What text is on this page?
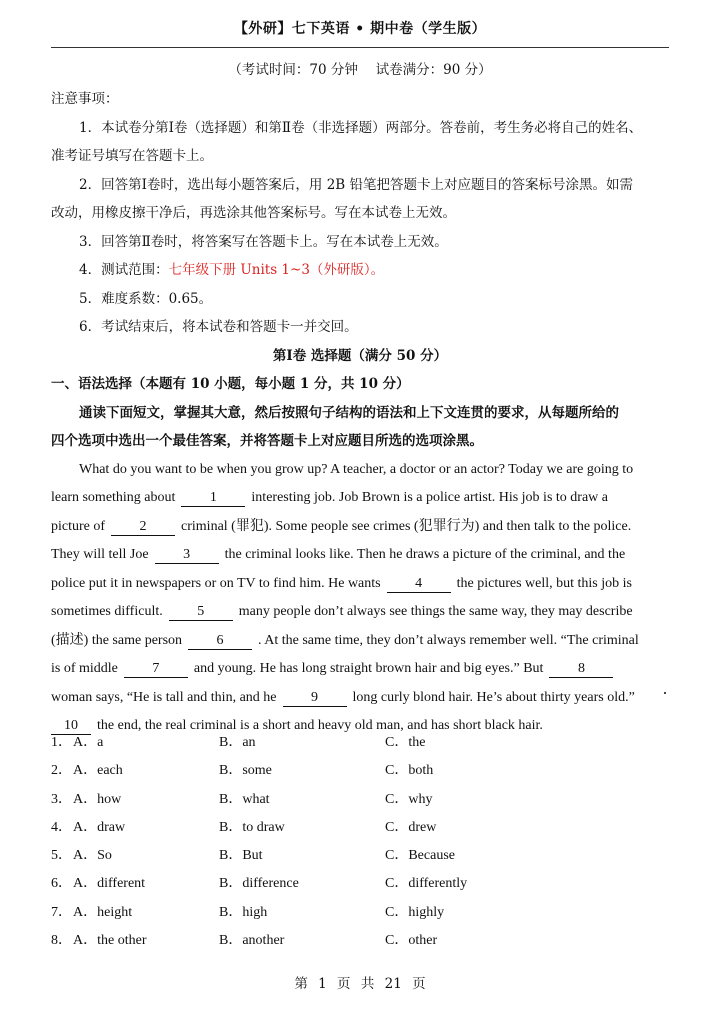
【外研】七下英语 • 期中卷（学生版）
（考试时间：70 分钟　 试卷满分：90 分）
注意事项：
1．本试卷分第Ⅰ卷（选择题）和第Ⅱ卷（非选择题）两部分。答卷前，考生务必将自己的姓名、
准考证号填写在答题卡上。
2．回答第Ⅰ卷时，选出每小题答案后，用 2B 铅笔把答题卡上对应题目的答案标号涂黑。如需
改动，用橡皮擦干净后，再选涂其他答案标号。写在本试卷上无效。
3．回答第Ⅱ卷时，将答案写在答题卡上。写在本试卷上无效。
4．测试范围：七年级下册 Units 1~3（外研版）。
5．难度系数：0.65。
6．考试结束后，将本试卷和答题卡一并交回。
第Ⅰ卷 选择题（满分 50 分）
一、语法选择（本题有 10 小题，每小题 1 分，共 10 分）
通读下面短文，掌握其大意，然后按照句子结构的语法和上下文连贯的要求，从每题所给的
四个选项中选出一个最佳答案，并将答题卡上对应题目所选的选项涂黑。
What do you want to be when you grow up? A teacher, a doctor or an actor? Today we are going to
learn something about 1 interesting job. Job Brown is a police artist. His job is to draw a
picture of 2 criminal (罪犯). Some people see crimes (犯罪行为) and then talk to the police.
They will tell Joe 3 the criminal looks like. Then he draws a picture of the criminal, and the
police put it in newspapers or on TV to find him. He wants 4 the pictures well, but this job is
sometimes difficult. 5 many people don’t always see things the same way, they may describe
(描述) the same person 6 . At the same time, they don’t always remember well. “The criminal
is of middle 7 and young. He has long straight brown hair and big eyes.” But 8
woman says, “He is tall and thin, and he 9 long curly blond hair. He’s about thirty years old.”
10 the end, the real criminal is a short and heavy old man, and has short black hair.
1． A．a	B．an	C．the
2． A．each	B．some	C．both
3． A．how	B．what	C．why
4． A．draw	B．to draw	C．drew
5． A．So	B．But	C．Because
6． A．different	B．difference	C．differently
7． A．height	B．high	C．highly
8． A．the other	B．another	C．other
第 1 页 共 21 页
